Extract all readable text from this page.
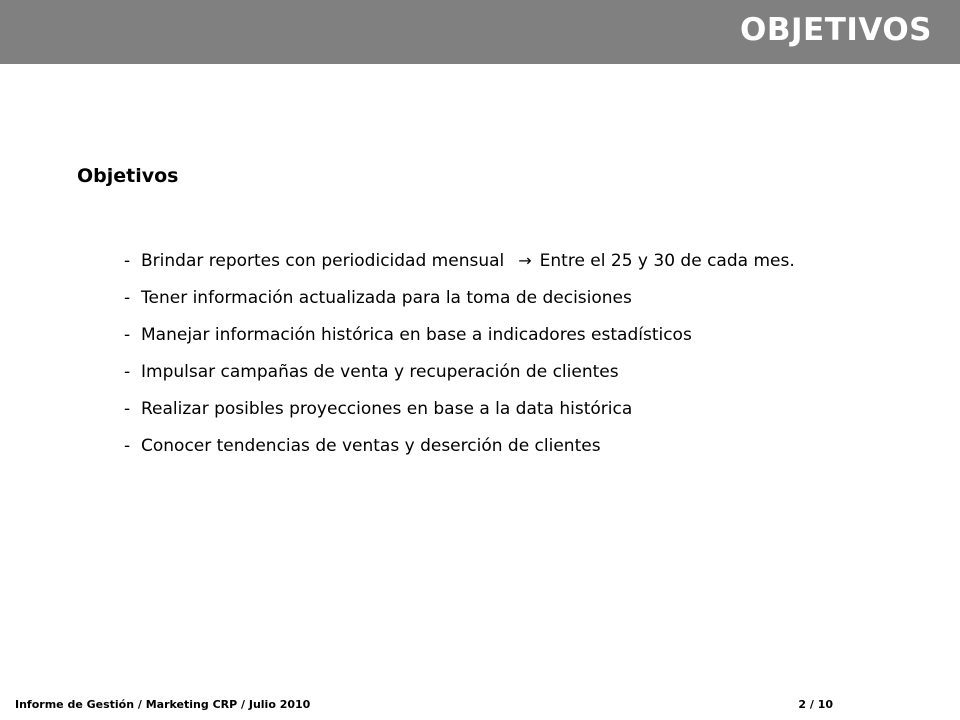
OBJETIVOS
Objetivos
- Brindar reportes con periodicidad mensual → Entre el 25 y 30 de cada mes.
- Tener información actualizada para la toma de decisiones
- Manejar información histórica en base a indicadores estadísticos
- Impulsar campañas de venta y recuperación de clientes
- Realizar posibles proyecciones en base a la data histórica
- Conocer tendencias de ventas y deserción de clientes
Informe de Gestión / Marketing CRP / Julio 2010	2 / 10
